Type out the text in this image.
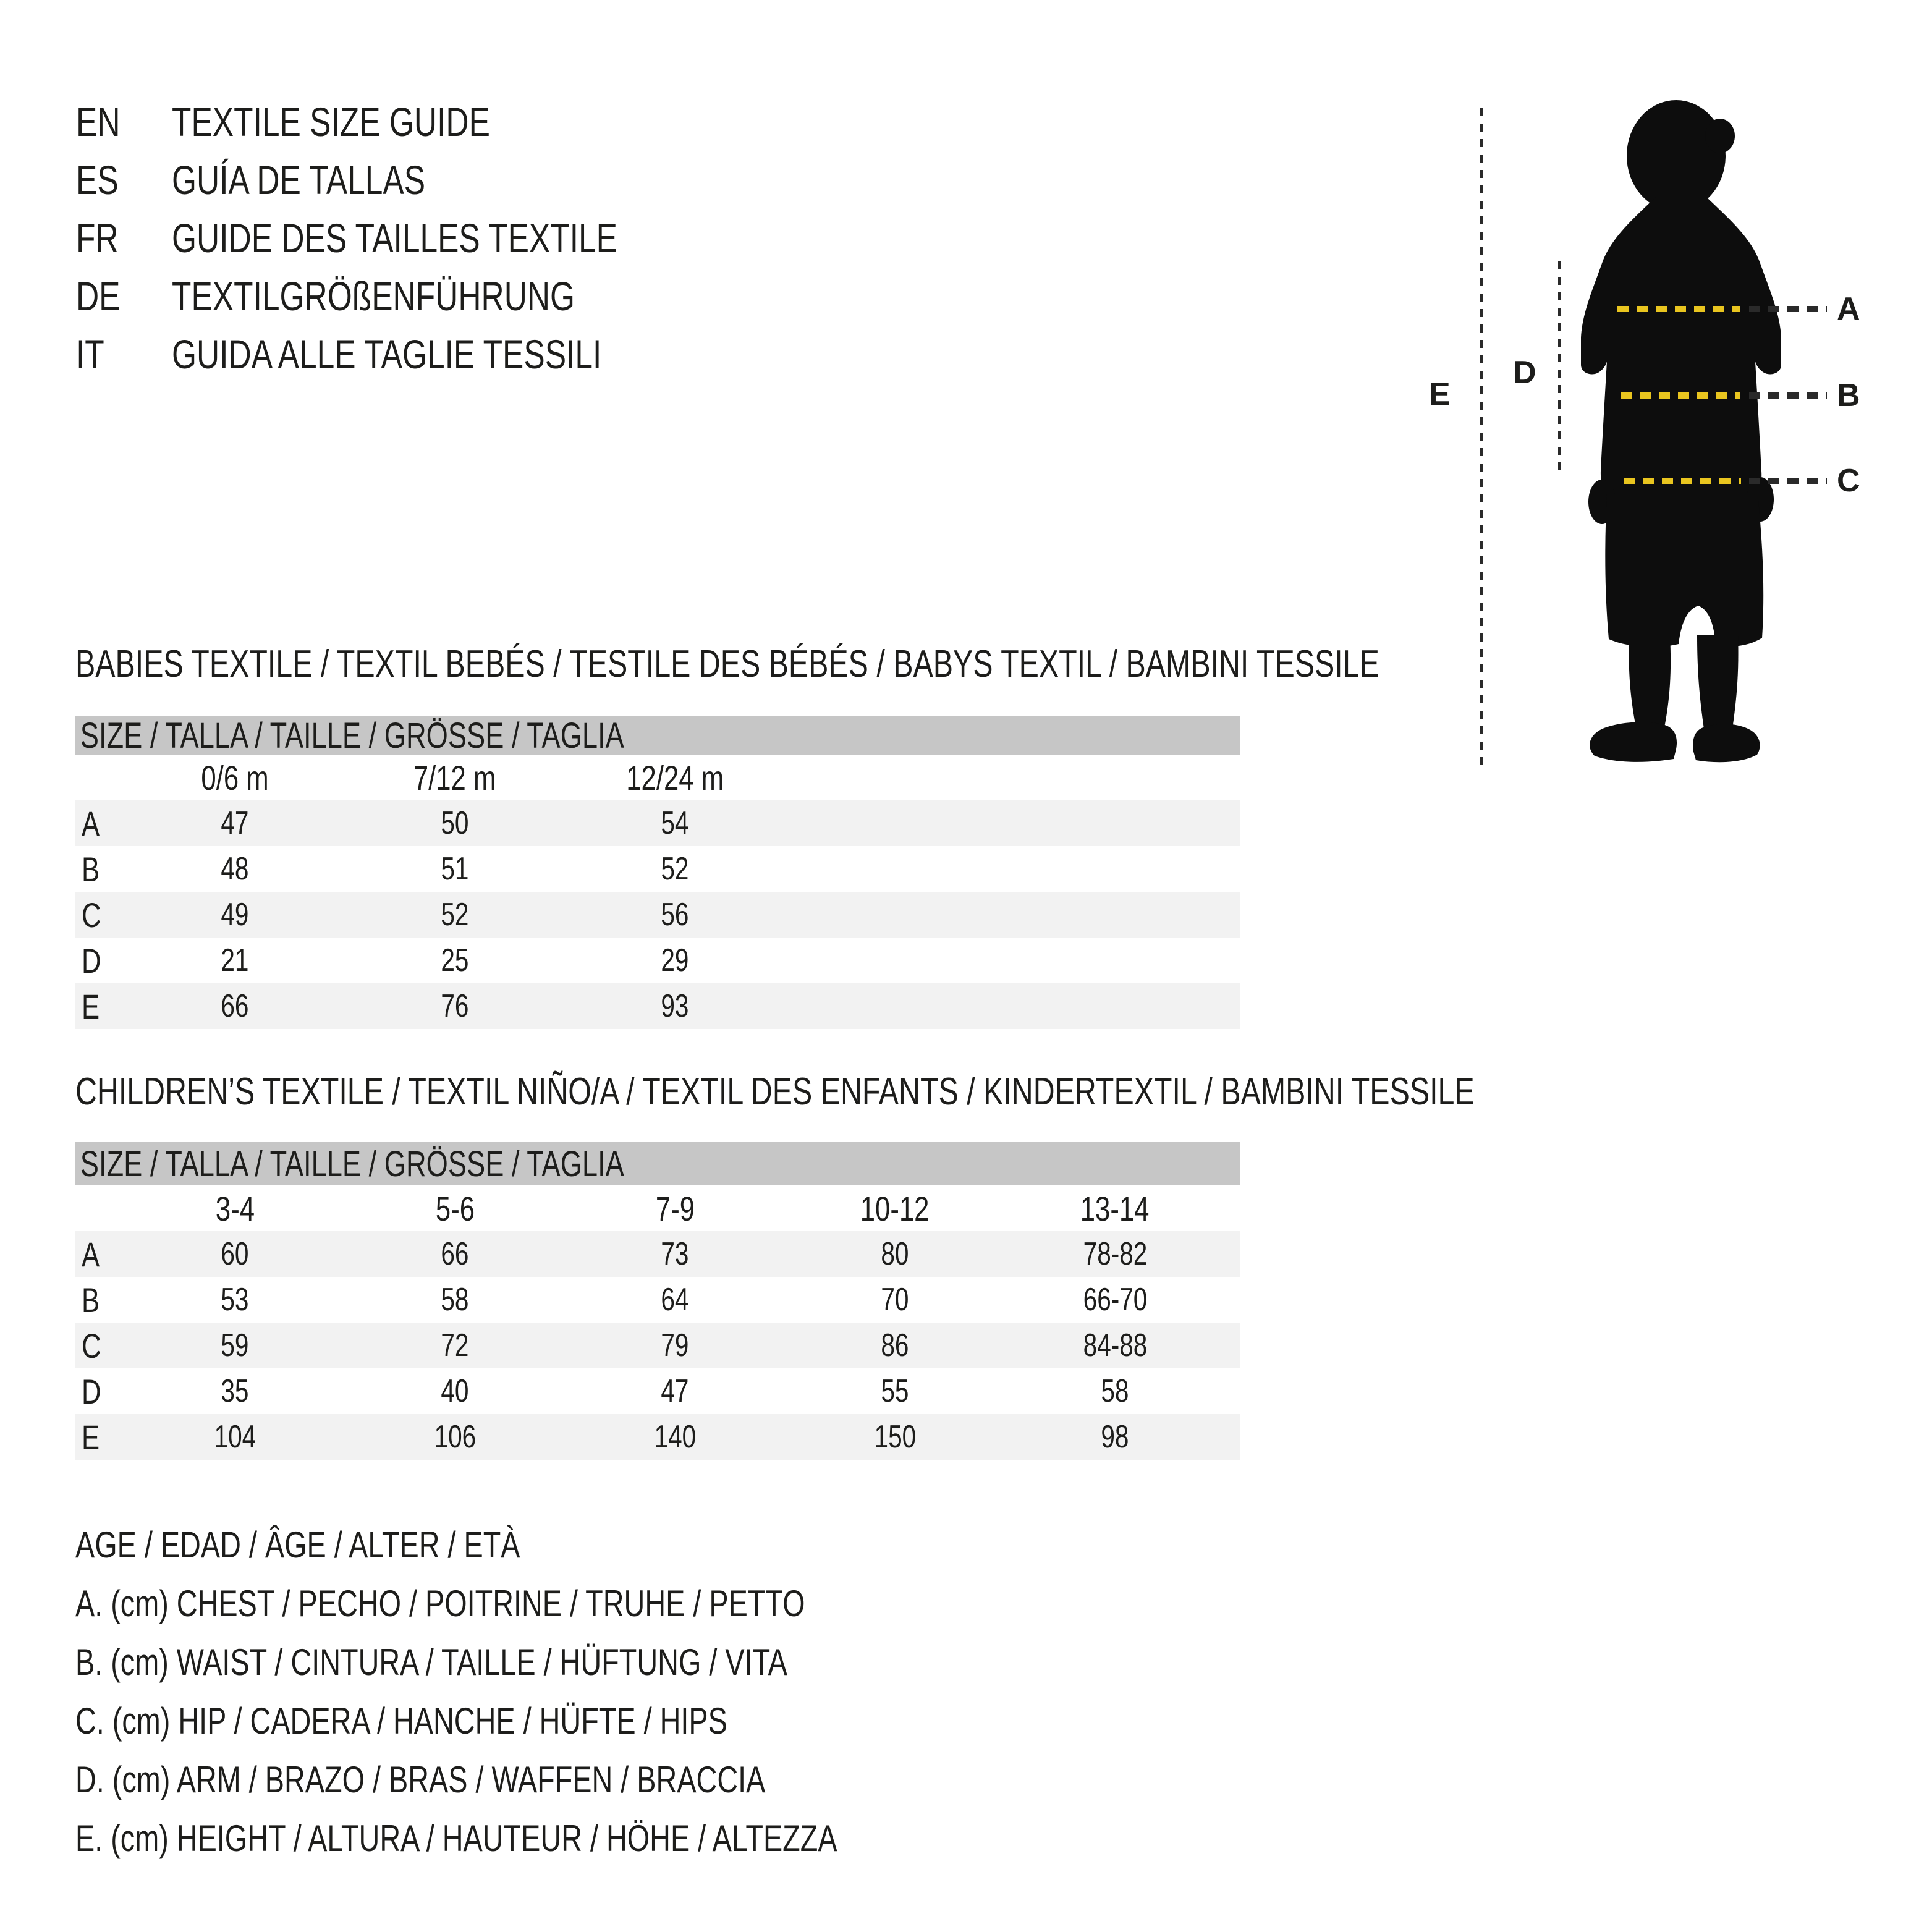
EN	TEXTILE SIZE GUIDE
ES	GUÍA DE TALLAS
FR	GUIDE DES TAILLES TEXTILE
DE	TEXTILGRÖßENFÜHRUNG
IT	GUIDA ALLE TAGLIE TESSILI
E
D
A
B
C
BABIES TEXTILE / TEXTIL BEBÉS / TESTILE DES BÉBÉS / BABYS TEXTIL / BAMBINI TESSILE
SIZE / TALLA / TAILLE / GRÖSSE / TAGLIA
0/6 m	7/12 m	12/24 m
A	47	50	54
B	48	51	52
C	49	52	56
D	21	25	29
E	66	76	93
CHILDREN’S TEXTILE / TEXTIL NIÑO/A / TEXTIL DES ENFANTS / KINDERTEXTIL / BAMBINI TESSILE
SIZE / TALLA / TAILLE / GRÖSSE / TAGLIA
3-4	5-6	7-9	10-12	13-14
A	60	66	73	80	78-82
B	53	58	64	70	66-70
C	59	72	79	86	84-88
D	35	40	47	55	58
E	104	106	140	150	98
AGE / EDAD / ÂGE / ALTER / ETÀ
A. (cm) CHEST / PECHO / POITRINE / TRUHE / PETTO
B. (cm) WAIST / CINTURA / TAILLE / HÜFTUNG / VITA
C. (cm) HIP / CADERA / HANCHE / HÜFTE / HIPS
D. (cm) ARM / BRAZO / BRAS / WAFFEN / BRACCIA
E. (cm) HEIGHT / ALTURA / HAUTEUR / HÖHE / ALTEZZA
